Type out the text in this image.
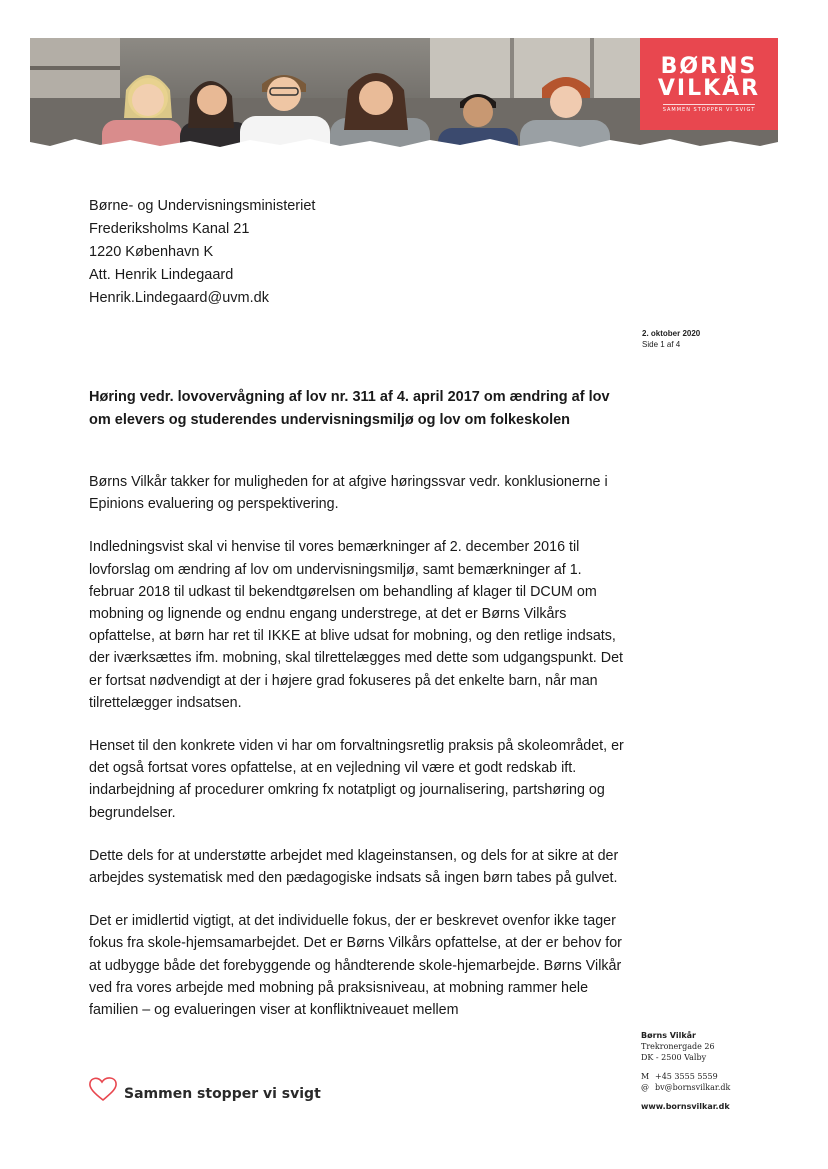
BØRNS
VILKÅR
SAMMEN STOPPER VI SVIGT
Børne- og Undervisningsministeriet
Frederiksholms Kanal 21
1220 København K
Att. Henrik Lindegaard
Henrik.Lindegaard@uvm.dk
2. oktober 2020
Side 1 af 4
Høring vedr. lovovervågning af lov nr. 311 af 4. april 2017 om ændring af lov om elevers og studerendes undervisningsmiljø og lov om folkeskolen

Børns Vilkår takker for muligheden for at afgive høringssvar vedr. konklusionerne i Epinions evaluering og perspektivering.

Indledningsvist skal vi henvise til vores bemærkninger af 2. december 2016 til lovforslag om ændring af lov om undervisningsmiljø, samt bemærkninger af 1. februar 2018 til udkast til bekendtgørelsen om behandling af klager til DCUM om mobning og lignende og endnu engang understrege, at det er Børns Vilkårs opfattelse, at børn har ret til IKKE at blive udsat for mobning, og den retlige indsats, der iværksættes ifm. mobning, skal tilrettelægges med dette som udgangspunkt. Det er fortsat nødvendigt at der i højere grad fokuseres på det enkelte barn, når man tilrettelægger indsatsen.

Henset til den konkrete viden vi har om forvaltningsretlig praksis på skoleområdet, er det også fortsat vores opfattelse, at en vejledning vil være et godt redskab ift. indarbejdning af procedurer omkring fx notatpligt og journalisering, partshøring og begrundelser.

Dette dels for at understøtte arbejdet med klageinstansen, og dels for at sikre at der arbejdes systematisk med den pædagogiske indsats så ingen børn tabes på gulvet.

Det er imidlertid vigtigt, at det individuelle fokus, der er beskrevet ovenfor ikke tager fokus fra skole-hjemsamarbejdet. Det er Børns Vilkårs opfattelse, at der er behov for at udbygge både det forebyggende og håndterende skole-hjemarbejde. Børns Vilkår ved fra vores arbejde med mobning på praksisniveau, at mobning rammer hele familien – og evalueringen viser at konfliktniveauet mellem

Børns Vilkår
Trekronergade 26
DK - 2500 Valby
M +45 3555 5559
@ bv@bornsvilkar.dk
www.bornsvilkar.dk
Sammen stopper vi svigt
